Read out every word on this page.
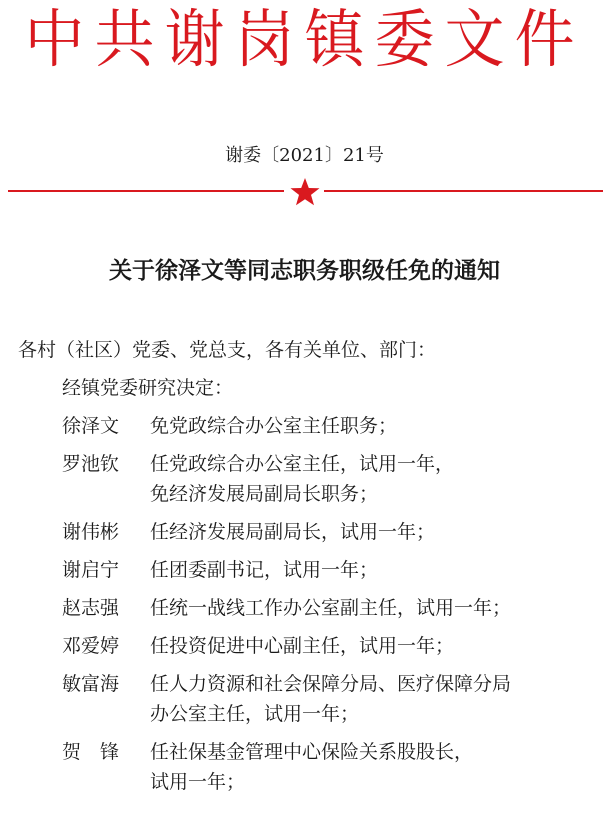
中共谢岗镇委文件
谢委〔2021〕21号
关于徐泽文等同志职务职级任免的通知
各村（社区）党委、党总支，各有关单位、部门：
经镇党委研究决定：
徐泽文	免党政综合办公室主任职务；
罗池钦	任党政综合办公室主任，试用一年，
免经济发展局副局长职务；
谢伟彬	任经济发展局副局长，试用一年；
谢启宁	任团委副书记，试用一年；
赵志强	任统一战线工作办公室副主任，试用一年；
邓爱婷	任投资促进中心副主任，试用一年；
敏富海	任人力资源和社会保障分局、医疗保障分局
办公室主任，试用一年；
贺　锋	任社保基金管理中心保险关系股股长，
试用一年；
